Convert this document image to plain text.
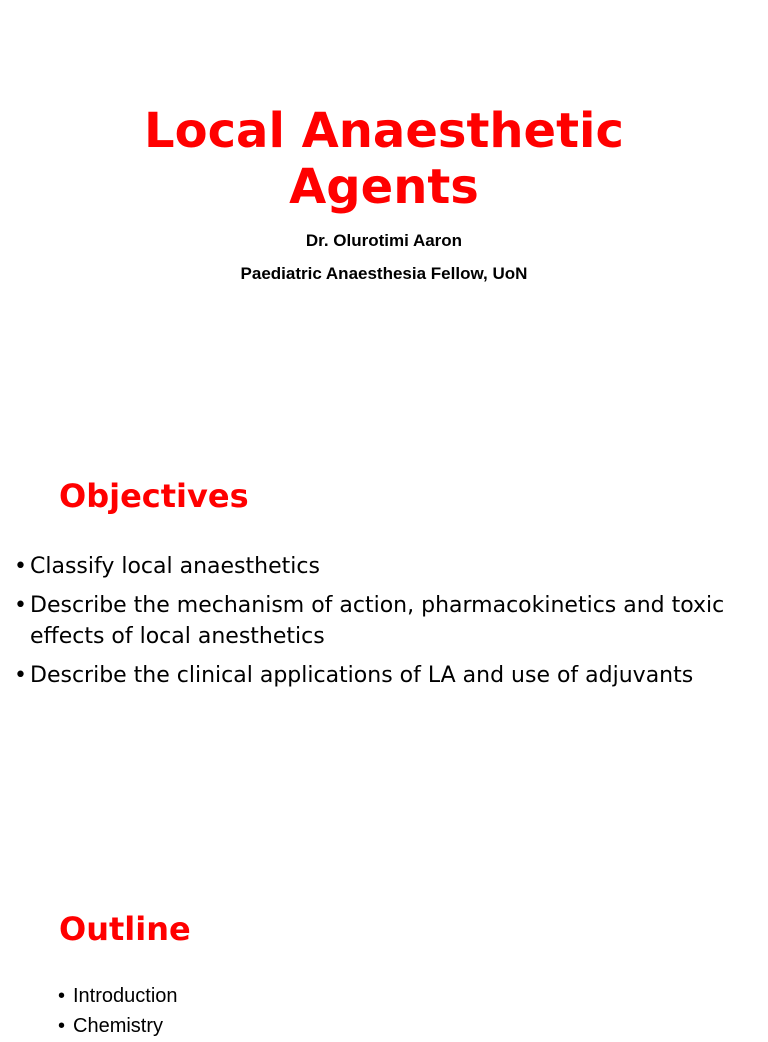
Local Anaesthetic
Agents
Dr. Olurotimi Aaron
Paediatric Anaesthesia Fellow, UoN
Objectives
• Classify local anaesthetics
• Describe the mechanism of action, pharmacokinetics and toxic effects of local anesthetics
• Describe the clinical applications of LA and use of adjuvants
Outline
• Introduction
• Chemistry
